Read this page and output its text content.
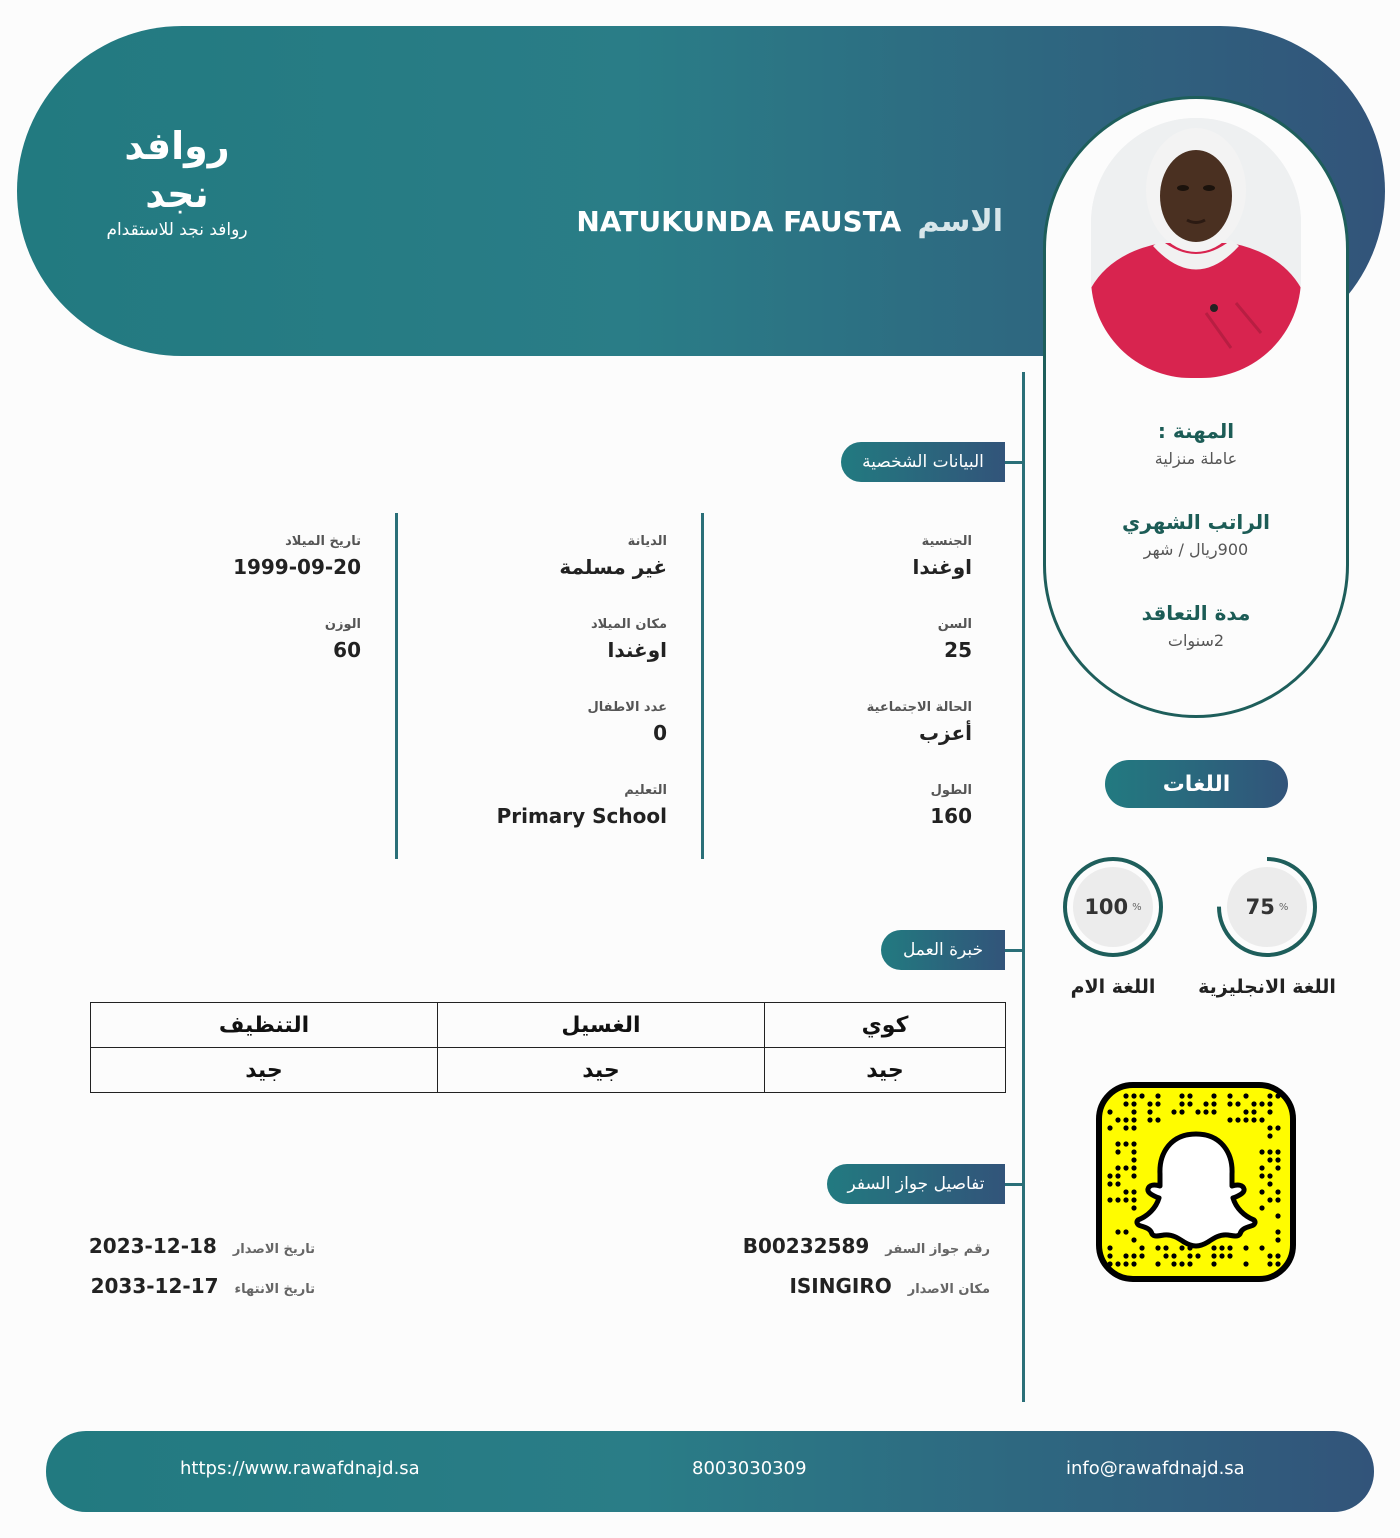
روافد نجد
روافد نجد للاستقدام	الاسم
NATUKUNDA FAUSTA
المهنة :
عاملة منزلية
الراتب الشهري
900ريال / شهر
مدة التعاقد
2سنوات
البيانات الشخصية
الجنسية
اوغندا
السن
25
الحالة الاجتماعية
أعزب
الطول
160
الديانة
غير مسلمة
مكان الميلاد
اوغندا
عدد الاطفال
0
التعليم
Primary School
تاريخ الميلاد
1999-09-20
الوزن
60
خبرة العمل
كوي	الغسيل	التنظيف
جيد	جيد	جيد
تفاصيل جواز السفر
رقم جواز السفر
B00232589
مكان الاصدار
ISINGIRO
تاريخ الاصدار
2023-12-18
تاريخ الانتهاء
2033-12-17
اللغات
75 %
اللغة الانجليزية
100 %
اللغة الام
https://www.rawafdnajd.sa	8003030309	info@rawafdnajd.sa
